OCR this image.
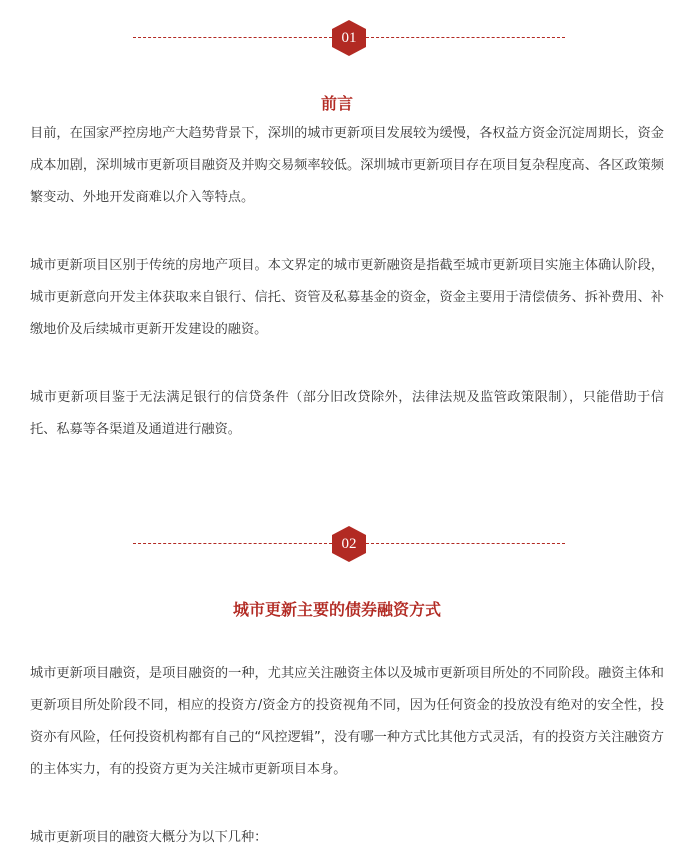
01
前言

目前，在国家严控房地产大趋势背景下，深圳的城市更新项目发展较为缓慢，各权益方资金沉淀周期长，资金成本加剧，深圳城市更新项目融资及并购交易频率较低。深圳城市更新项目存在项目复杂程度高、各区政策频繁变动、外地开发商难以介入等特点。

城市更新项目区别于传统的房地产项目。本文界定的城市更新融资是指截至城市更新项目实施主体确认阶段，城市更新意向开发主体获取来自银行、信托、资管及私募基金的资金，资金主要用于清偿债务、拆补费用、补缴地价及后续城市更新开发建设的融资。

城市更新项目鉴于无法满足银行的信贷条件（部分旧改贷除外，法律法规及监管政策限制），只能借助于信托、私募等各渠道及通道进行融资。

02
城市更新主要的债券融资方式

城市更新项目融资，是项目融资的一种，尤其应关注融资主体以及城市更新项目所处的不同阶段。融资主体和更新项目所处阶段不同，相应的投资方/资金方的投资视角不同，因为任何资金的投放没有绝对的安全性，投资亦有风险，任何投资机构都有自己的“风控逻辑”，没有哪一种方式比其他方式灵活，有的投资方关注融资方的主体实力，有的投资方更为关注城市更新项目本身。

城市更新项目的融资大概分为以下几种：
